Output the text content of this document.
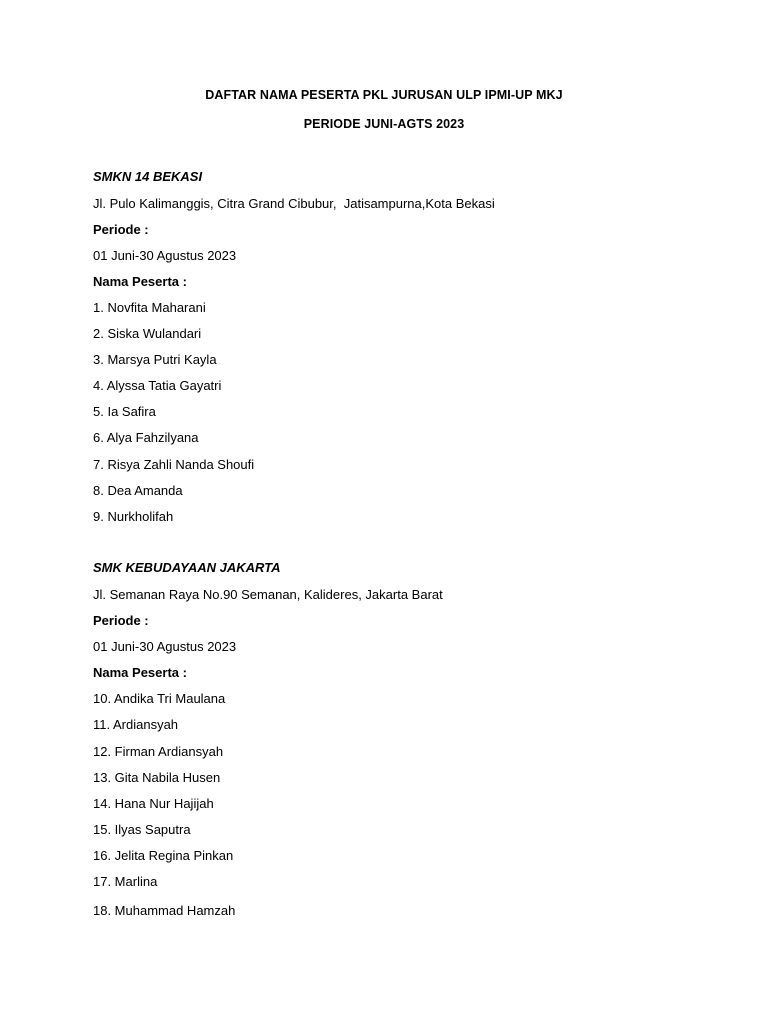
DAFTAR NAMA PESERTA PKL JURUSAN ULP IPMI-UP MKJ
PERIODE JUNI-AGTS 2023
SMKN 14 BEKASI
Jl. Pulo Kalimanggis, Citra Grand Cibubur,  Jatisampurna,Kota Bekasi
Periode :
01 Juni-30 Agustus 2023
Nama Peserta :
1. Novfita Maharani
2. Siska Wulandari
3. Marsya Putri Kayla
4. Alyssa Tatia Gayatri
5. Ia Safira
6. Alya Fahzilyana
7. Risya Zahli Nanda Shoufi
8. Dea Amanda
9. Nurkholifah
SMK KEBUDAYAAN JAKARTA
Jl. Semanan Raya No.90 Semanan, Kalideres, Jakarta Barat
Periode :
01 Juni-30 Agustus 2023
Nama Peserta :
10. Andika Tri Maulana
11. Ardiansyah
12. Firman Ardiansyah
13. Gita Nabila Husen
14. Hana Nur Hajijah
15. Ilyas Saputra
16. Jelita Regina Pinkan
17. Marlina
18. Muhammad Hamzah
